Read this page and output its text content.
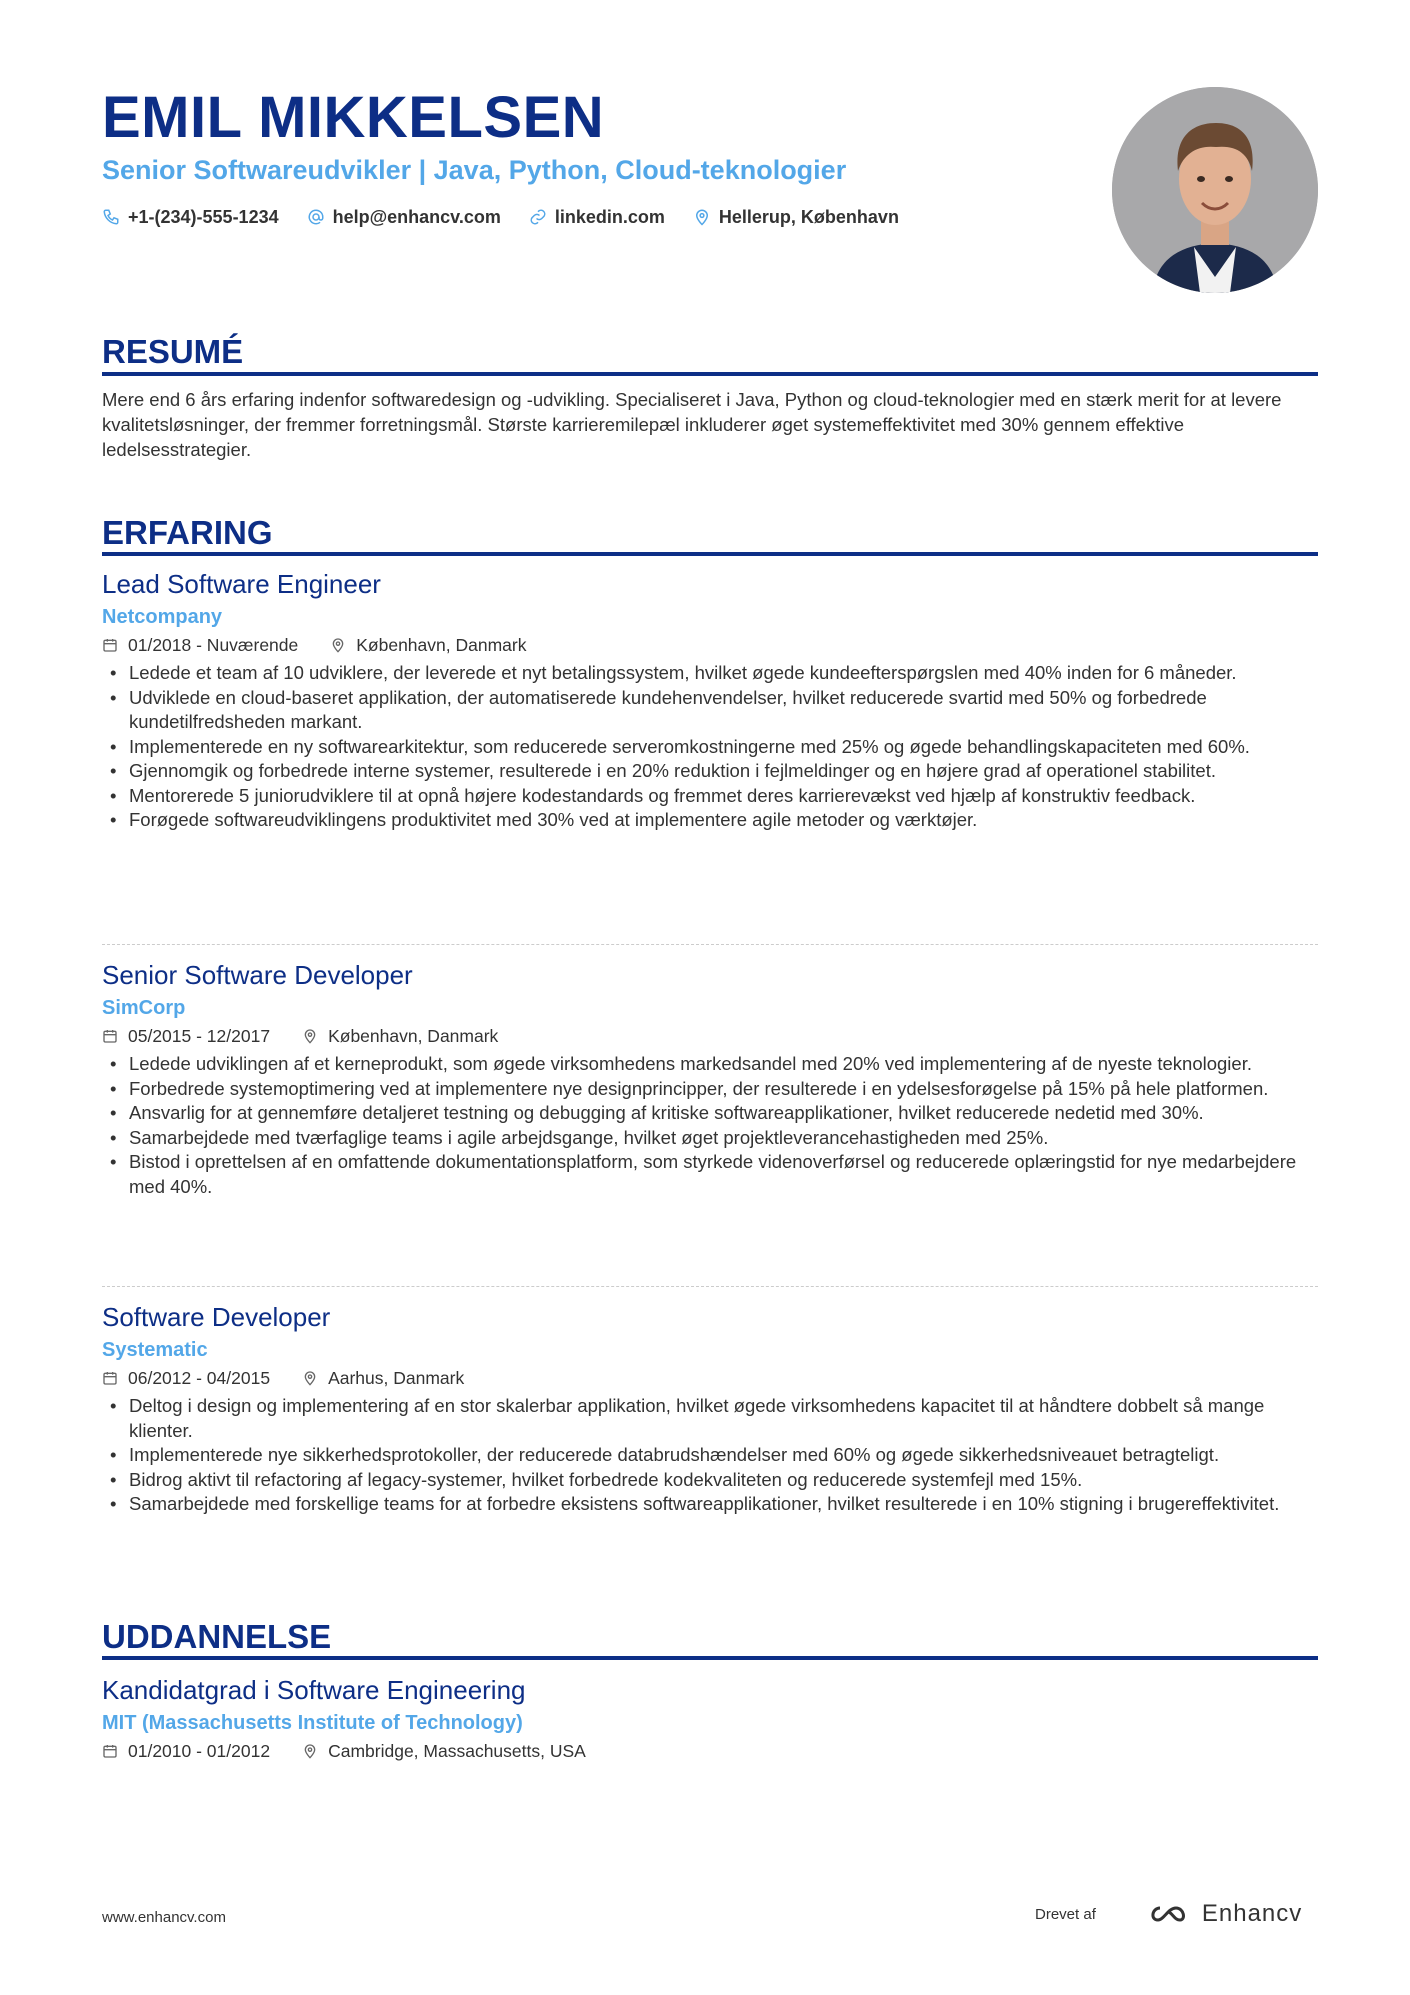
EMIL MIKKELSEN
Senior Softwareudvikler | Java, Python, Cloud-teknologier
+1-(234)-555-1234	help@enhancv.com	linkedin.com	Hellerup, København
RESUMÉ
Mere end 6 års erfaring indenfor softwaredesign og -udvikling. Specialiseret i Java, Python og cloud-teknologier med en stærk merit for at levere kvalitetsløsninger, der fremmer forretningsmål. Største karrieremilepæl inkluderer øget systemeffektivitet med 30% gennem effektive ledelsesstrategier.
ERFARING
Lead Software Engineer
Netcompany
01/2018 - Nuværende	København, Danmark
• Ledede et team af 10 udviklere, der leverede et nyt betalingssystem, hvilket øgede kundeefterspørgslen med 40% inden for 6 måneder.
• Udviklede en cloud-baseret applikation, der automatiserede kundehenvendelser, hvilket reducerede svartid med 50% og forbedrede kundetilfredsheden markant.
• Implementerede en ny softwarearkitektur, som reducerede serveromkostningerne med 25% og øgede behandlingskapaciteten med 60%.
• Gjennomgik og forbedrede interne systemer, resulterede i en 20% reduktion i fejlmeldinger og en højere grad af operationel stabilitet.
• Mentorerede 5 juniorudviklere til at opnå højere kodestandards og fremmet deres karrierevækst ved hjælp af konstruktiv feedback.
• Forøgede softwareudviklingens produktivitet med 30% ved at implementere agile metoder og værktøjer.
Senior Software Developer
SimCorp
05/2015 - 12/2017	København, Danmark
• Ledede udviklingen af et kerneprodukt, som øgede virksomhedens markedsandel med 20% ved implementering af de nyeste teknologier.
• Forbedrede systemoptimering ved at implementere nye designprincipper, der resulterede i en ydelsesforøgelse på 15% på hele platformen.
• Ansvarlig for at gennemføre detaljeret testning og debugging af kritiske softwareapplikationer, hvilket reducerede nedetid med 30%.
• Samarbejdede med tværfaglige teams i agile arbejdsgange, hvilket øget projektleverancehastigheden med 25%.
• Bistod i oprettelsen af en omfattende dokumentationsplatform, som styrkede videnoverførsel og reducerede oplæringstid for nye medarbejdere med 40%.
Software Developer
Systematic
06/2012 - 04/2015	Aarhus, Danmark
• Deltog i design og implementering af en stor skalerbar applikation, hvilket øgede virksomhedens kapacitet til at håndtere dobbelt så mange klienter.
• Implementerede nye sikkerhedsprotokoller, der reducerede databrudshændelser med 60% og øgede sikkerhedsniveauet betragteligt.
• Bidrog aktivt til refactoring af legacy-systemer, hvilket forbedrede kodekvaliteten og reducerede systemfejl med 15%.
• Samarbejdede med forskellige teams for at forbedre eksistens softwareapplikationer, hvilket resulterede i en 10% stigning i brugereffektivitet.
UDDANNELSE
Kandidatgrad i Software Engineering
MIT (Massachusetts Institute of Technology)
01/2010 - 01/2012	Cambridge, Massachusetts, USA
www.enhancv.com	Drevet af	Enhancv
